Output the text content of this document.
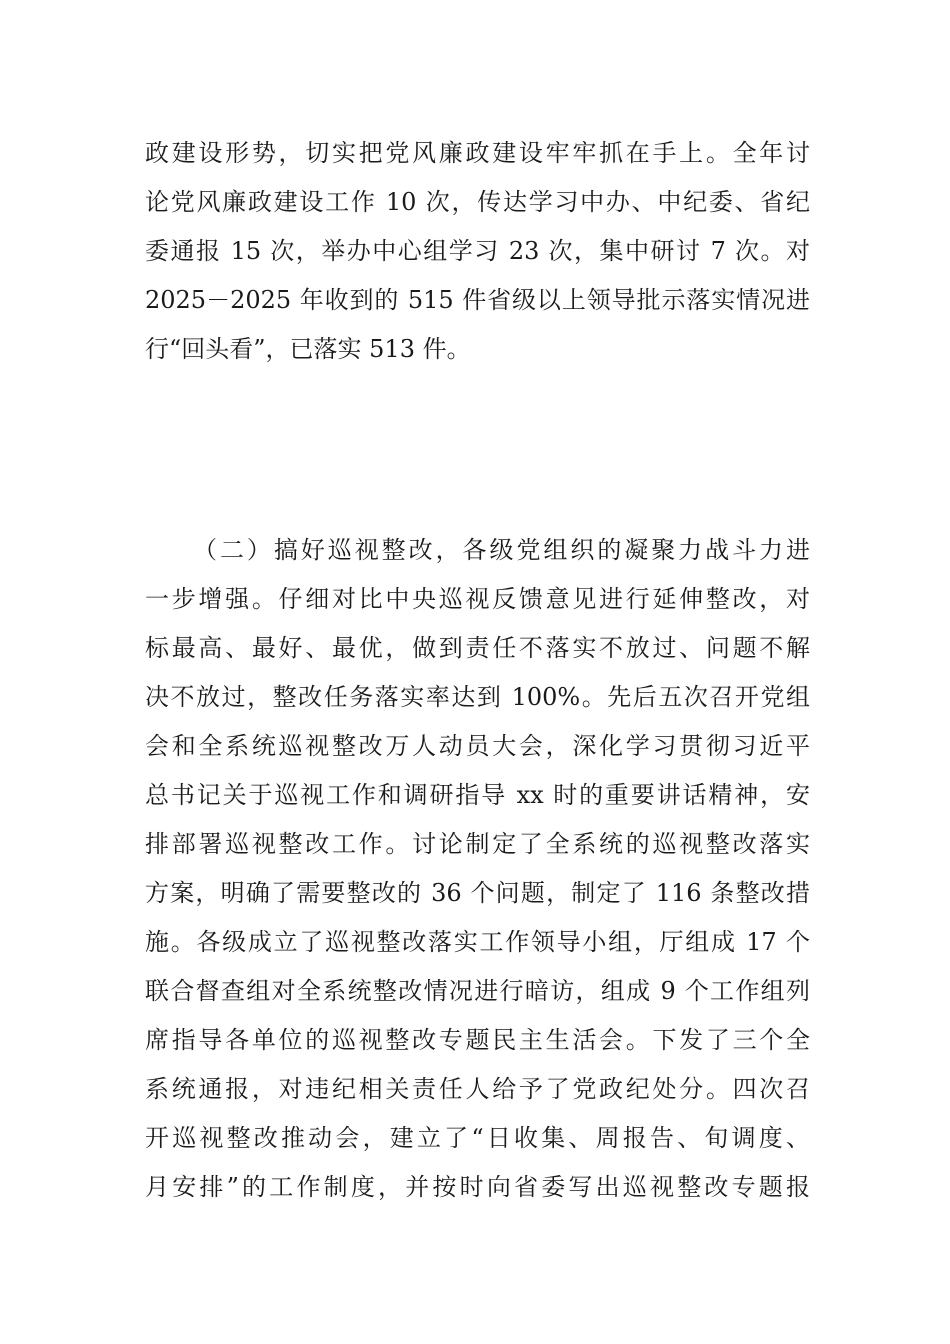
政建设形势，切实把党风廉政建设牢牢抓在手上。全年讨

论党风廉政建设工作 10 次，传达学习中办、中纪委、省纪

委通报 15 次，举办中心组学习 23 次，集中研讨 7 次。对

2025－2025 年收到的 515 件省级以上领导批示落实情况进

行“回头看”，已落实 513 件。

（二）搞好巡视整改，各级党组织的凝聚力战斗力进

一步增强。仔细对比中央巡视反馈意见进行延伸整改，对

标最高、最好、最优，做到责任不落实不放过、问题不解

决不放过，整改任务落实率达到 100%。先后五次召开党组

会和全系统巡视整改万人动员大会，深化学习贯彻习近平

总书记关于巡视工作和调研指导 xx 时的重要讲话精神，安

排部署巡视整改工作。讨论制定了全系统的巡视整改落实

方案，明确了需要整改的 36 个问题，制定了 116 条整改措

施。各级成立了巡视整改落实工作领导小组，厅组成 17 个

联合督查组对全系统整改情况进行暗访，组成 9 个工作组列

席指导各单位的巡视整改专题民主生活会。下发了三个全

系统通报，对违纪相关责任人给予了党政纪处分。四次召

开巡视整改推动会，建立了“日收集、周报告、旬调度、

月安排”的工作制度，并按时向省委写出巡视整改专题报
